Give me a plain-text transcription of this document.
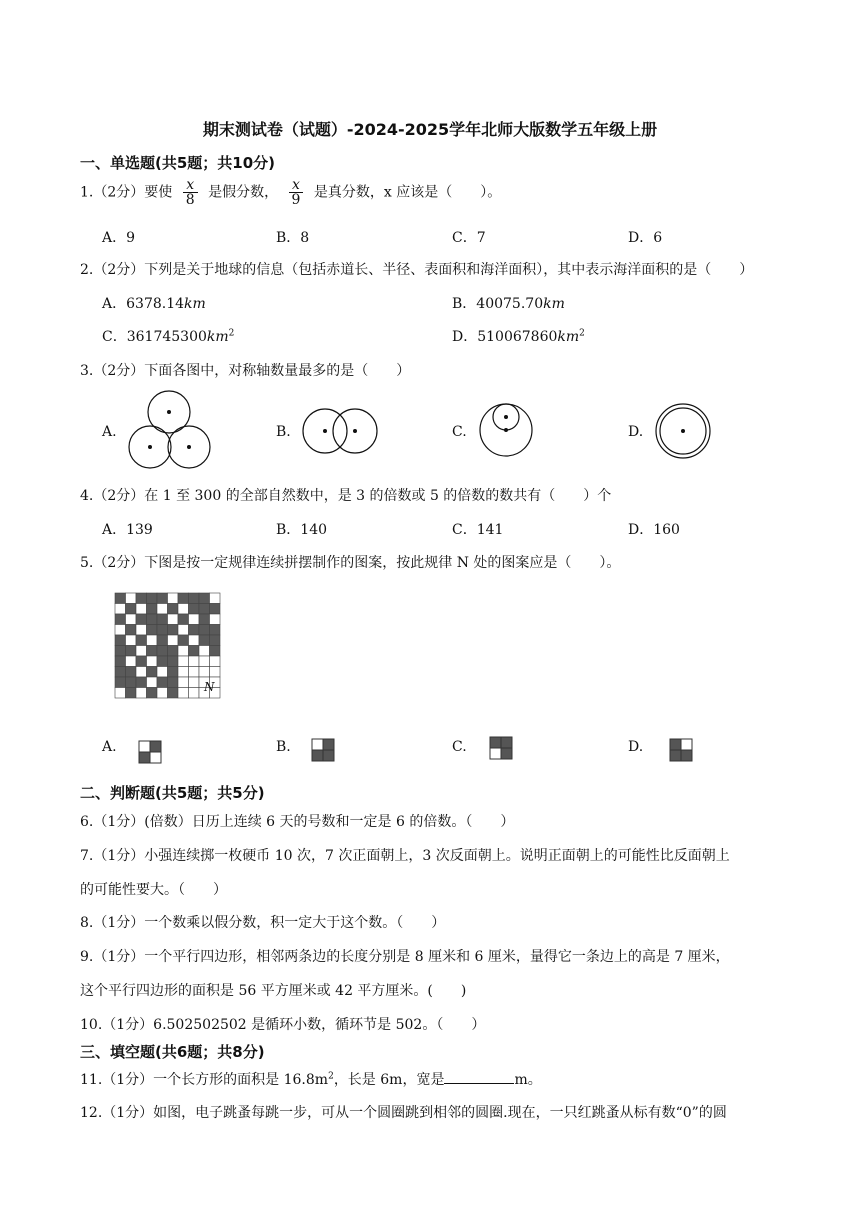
期末测试卷（试题）-2024-2025学年北师大版数学五年级上册
一、单选题(共5题；共10分)
1.（2分）要使 $\frac{x}{8}$ 是假分数， $\frac{x}{9}$ 是真分数，x 应该是（　　）。
A．9	B．8	C．7	D．6
2.（2分）下列是关于地球的信息（包括赤道长、半径、表面积和海洋面积），其中表示海洋面积的是（　　）
A．6378.14km	B．40075.70km
C．$361745300km^2$	D．$510067860km^2$
3.（2分）下面各图中，对称轴数量最多的是（　　）
A.	B.	C.	D.
4.（2分）在 1 至 300 的全部自然数中，是 3 的倍数或 5 的倍数的数共有（　　）个
A．139	B．140	C．141	D．160
5.（2分）下图是按一定规律连续拼摆制作的图案，按此规律 N 处的图案应是（　　）。
N
A.	B.	C.	D.
二、判断题(共5题；共5分)
6.（1分）(倍数）日历上连续 6 天的号数和一定是 6 的倍数。（　　）
7.（1分）小强连续掷一枚硬币 10 次，7 次正面朝上，3 次反面朝上。说明正面朝上的可能性比反面朝上
的可能性要大。（　　）
8.（1分）一个数乘以假分数，积一定大于这个数。（　　）
9.（1分）一个平行四边形，相邻两条边的长度分别是 8 厘米和 6 厘米，量得它一条边上的高是 7 厘米，
这个平行四边形的面积是 56 平方厘米或 42 平方厘米。(　　)
10.（1分）6.502502502 是循环小数，循环节是 502。（　　）
三、填空题(共6题；共8分)
11.（1分）一个长方形的面积是 $16.8m^2$，长是 6m，宽是	m。
12.（1分）如图，电子跳蚤每跳一步，可从一个圆圈跳到相邻的圆圈.现在，一只红跳蚤从标有数“0”的圆
